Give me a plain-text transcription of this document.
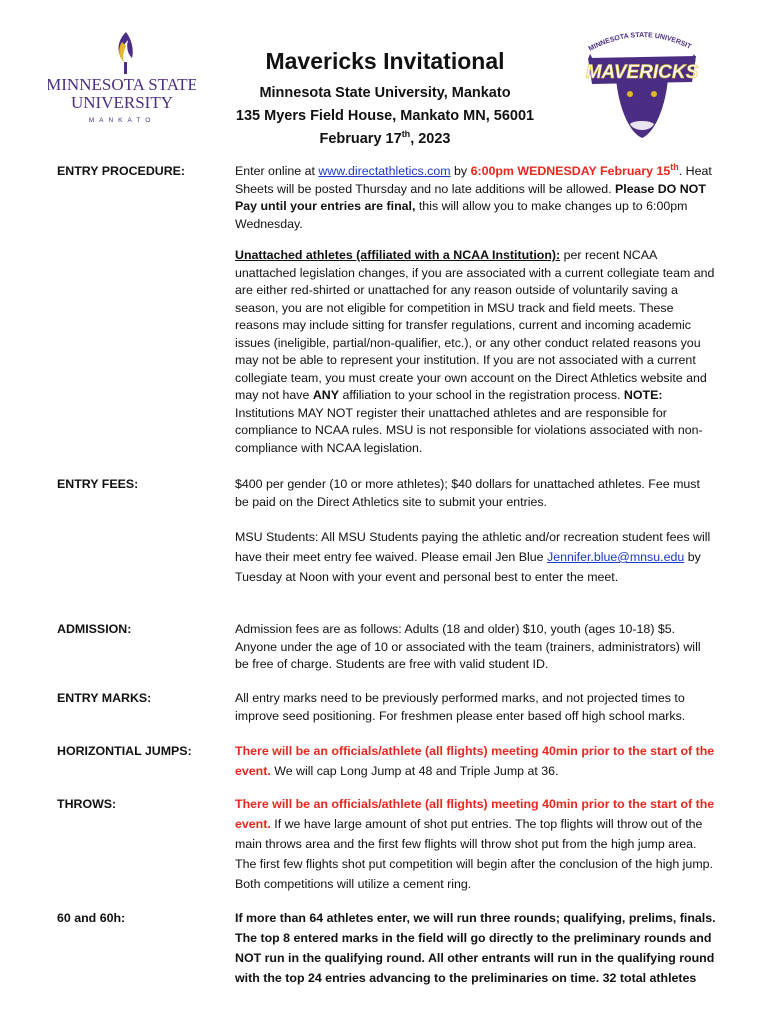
MINNESOTA STATE
UNIVERSITY
MANKATO
MINNESOTA STATE UNIVERSIT
MAVERICKS
Mavericks Invitational
Minnesota State University, Mankato
135 Myers Field House, Mankato MN, 56001
February 17th, 2023
ENTRY PROCEDURE:	Enter online at www.directathletics.com by 6:00pm WEDNESDAY February 15th. Heat Sheets will be posted Thursday and no late additions will be allowed. Please DO NOT Pay until your entries are final, this will allow you to make changes up to 6:00pm Wednesday.

Unattached athletes (affiliated with a NCAA Institution): per recent NCAA unattached legislation changes, if you are associated with a current collegiate team and are either red-shirted or unattached for any reason outside of voluntarily saving a season, you are not eligible for competition in MSU track and field meets. These reasons may include sitting for transfer regulations, current and incoming academic issues (ineligible, partial/non-qualifier, etc.), or any other conduct related reasons you may not be able to represent your institution. If you are not associated with a current collegiate team, you must create your own account on the Direct Athletics website and may not have ANY affiliation to your school in the registration process. NOTE: Institutions MAY NOT register their unattached athletes and are responsible for compliance to NCAA rules. MSU is not responsible for violations associated with non-compliance with NCAA legislation.

ENTRY FEES:	$400 per gender (10 or more athletes); $40 dollars for unattached athletes. Fee must be paid on the Direct Athletics site to submit your entries.

MSU Students: All MSU Students paying the athletic and/or recreation student fees will have their meet entry fee waived. Please email Jen Blue Jennifer.blue@mnsu.edu by Tuesday at Noon with your event and personal best to enter the meet.

ADMISSION:	Admission fees are as follows: Adults (18 and older) $10, youth (ages 10-18) $5. Anyone under the age of 10 or associated with the team (trainers, administrators) will be free of charge. Students are free with valid student ID.
ENTRY MARKS:	All entry marks need to be previously performed marks, and not projected times to improve seed positioning. For freshmen please enter based off high school marks.
HORIZONTIAL JUMPS:	There will be an officials/athlete (all flights) meeting 40min prior to the start of the event. We will cap Long Jump at 48 and Triple Jump at 36.
THROWS:	There will be an officials/athlete (all flights) meeting 40min prior to the start of the event. If we have large amount of shot put entries. The top flights will throw out of the main throws area and the first few flights will throw shot put from the high jump area. The first few flights shot put competition will begin after the conclusion of the high jump. Both competitions will utilize a cement ring.
60 and 60h:	If more than 64 athletes enter, we will run three rounds; qualifying, prelims, finals. The top 8 entered marks in the field will go directly to the preliminary rounds and NOT run in the qualifying round. All other entrants will run in the qualifying round with the top 24 entries advancing to the preliminaries on time. 32 total athletes
